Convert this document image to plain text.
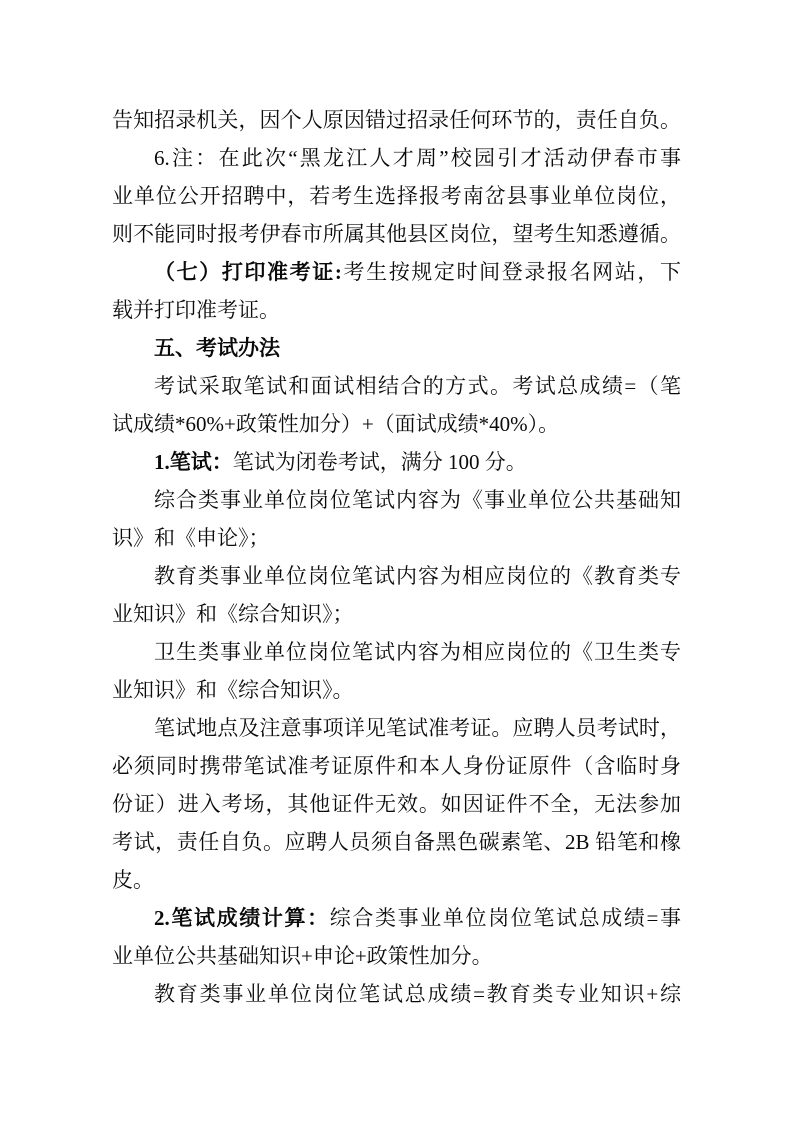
告知招录机关，因个人原因错过招录任何环节的，责任自负。
6.注：在此次“黑龙江人才周”校园引才活动伊春市事
业单位公开招聘中，若考生选择报考南岔县事业单位岗位，
则不能同时报考伊春市所属其他县区岗位，望考生知悉遵循。
（七）打印准考证:考生按规定时间登录报名网站，下
载并打印准考证。
五、考试办法
考试采取笔试和面试相结合的方式。考试总成绩=（笔
试成绩*60%+政策性加分）+（面试成绩*40%）。
1.笔试：笔试为闭卷考试，满分 100 分。
综合类事业单位岗位笔试内容为《事业单位公共基础知
识》和《申论》；
教育类事业单位岗位笔试内容为相应岗位的《教育类专
业知识》和《综合知识》；
卫生类事业单位岗位笔试内容为相应岗位的《卫生类专
业知识》和《综合知识》。
笔试地点及注意事项详见笔试准考证。应聘人员考试时，
必须同时携带笔试准考证原件和本人身份证原件（含临时身
份证）进入考场，其他证件无效。如因证件不全，无法参加
考试，责任自负。应聘人员须自备黑色碳素笔、2B 铅笔和橡
皮。
2.笔试成绩计算：综合类事业单位岗位笔试总成绩=事
业单位公共基础知识+申论+政策性加分。
教育类事业单位岗位笔试总成绩=教育类专业知识+综
